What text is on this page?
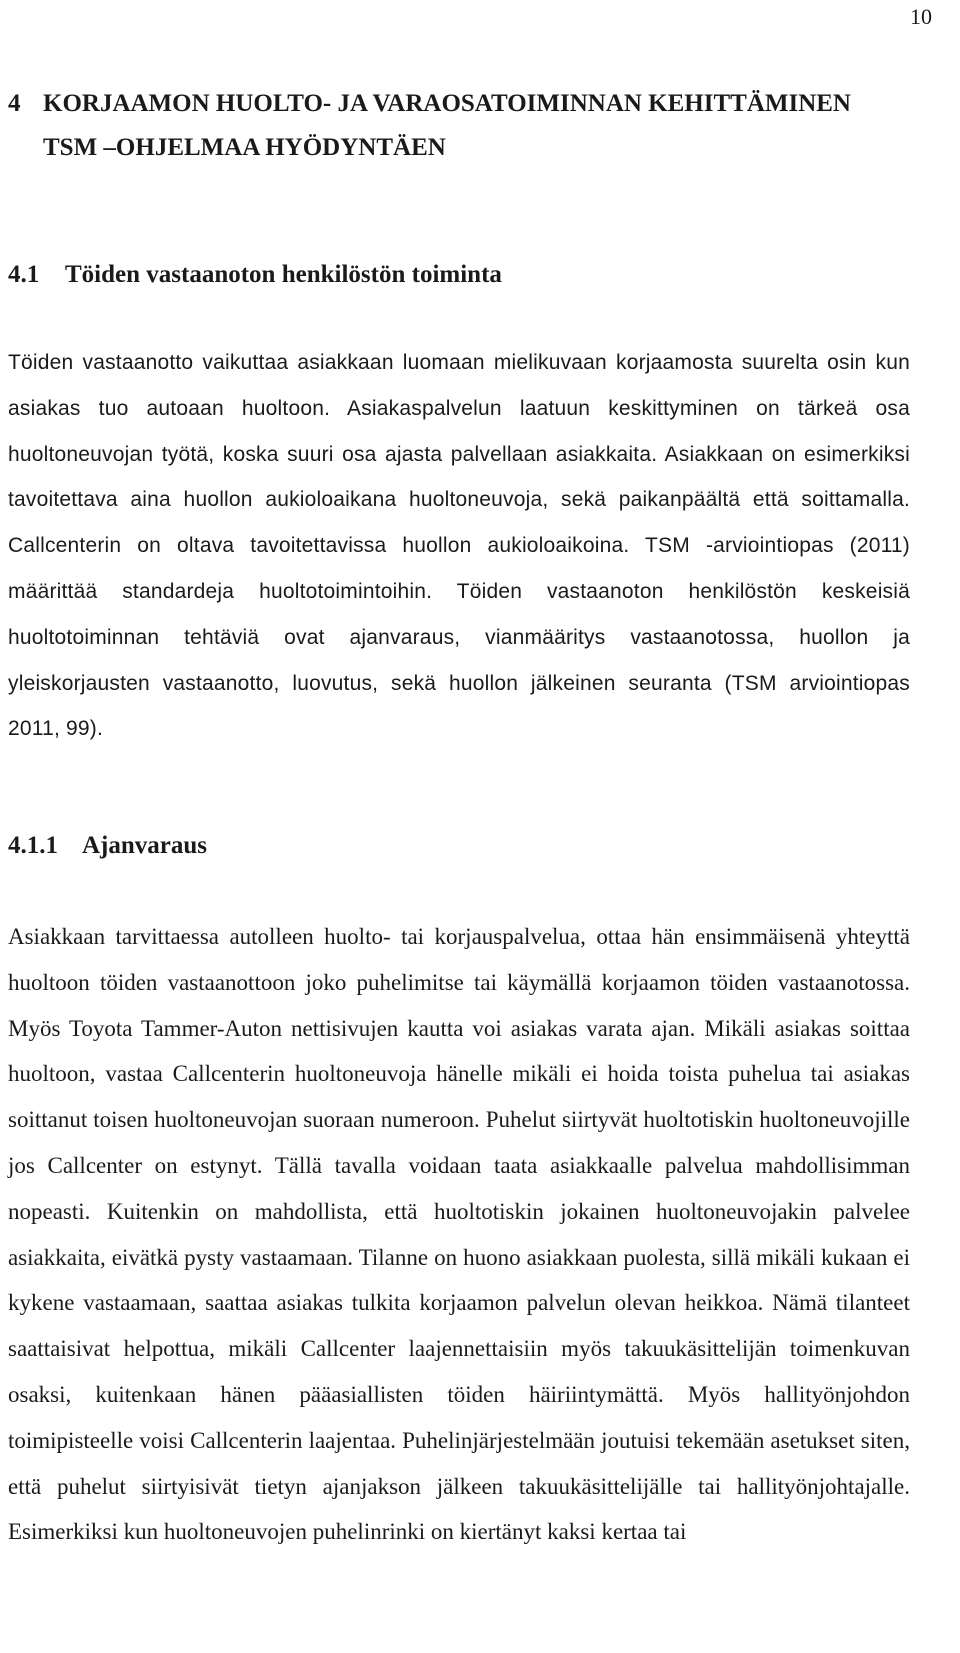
10
4 KORJAAMON HUOLTO- JA VARAOSATOIMINNAN KEHITTÄMINEN TSM –OHJELMAA HYÖDYNTÄEN
4.1	Töiden vastaanoton henkilöstön toiminta

Töiden vastaanotto vaikuttaa asiakkaan luomaan mielikuvaan korjaamosta suurelta osin kun asiakas tuo autoaan huoltoon. Asiakaspalvelun laatuun keskittyminen on tärkeä osa huoltoneuvojan työtä, koska suuri osa ajasta palvellaan asiakkaita. Asiakkaan on esimerkiksi tavoitettava aina huollon aukioloaikana huoltoneuvoja, sekä paikanpäältä että soittamalla. Callcenterin on oltava tavoitettavissa huollon aukioloaikoina. TSM -arviointiopas (2011) määrittää standardeja huoltotoimintoihin. Töiden vastaanoton henkilöstön keskeisiä huoltotoiminnan tehtäviä ovat ajanvaraus, vianmääritys vastaanotossa, huollon ja yleiskorjausten vastaanotto, luovutus, sekä huollon jälkeinen seuranta (TSM arviointiopas 2011, 99).

4.1.1 Ajanvaraus

Asiakkaan tarvittaessa autolleen huolto- tai korjauspalvelua, ottaa hän ensimmäisenä yhteyttä huoltoon töiden vastaanottoon joko puhelimitse tai käymällä korjaamon töiden vastaanotossa. Myös Toyota Tammer-Auton nettisivujen kautta voi asiakas varata ajan. Mikäli asiakas soittaa huoltoon, vastaa Callcenterin huoltoneuvoja hänelle mikäli ei hoida toista puhelua tai asiakas soittanut toisen huoltoneuvojan suoraan numeroon. Puhelut siirtyvät huoltotiskin huoltoneuvojille jos Callcenter on estynyt. Tällä tavalla voidaan taata asiakkaalle palvelua mahdollisimman nopeasti. Kuitenkin on mahdollista, että huoltotiskin jokainen huoltoneuvojakin palvelee asiakkaita, eivätkä pysty vastaamaan. Tilanne on huono asiakkaan puolesta, sillä mikäli kukaan ei kykene vastaamaan, saattaa asiakas tulkita korjaamon palvelun olevan heikkoa. Nämä tilanteet saattaisivat helpottua, mikäli Callcenter laajennettaisiin myös takuukäsittelijän toimenkuvan osaksi, kuitenkaan hänen pääasiallisten töiden häiriintymättä. Myös hallityönjohdon toimipisteelle voisi Callcenterin laajentaa. Puhelinjärjestelmään joutuisi tekemään asetukset siten, että puhelut siirtyisivät tietyn ajanjakson jälkeen takuukäsittelijälle tai hallityönjohtajalle. Esimerkiksi kun huoltoneuvojen puhelinrinki on kiertänyt kaksi kertaa tai
